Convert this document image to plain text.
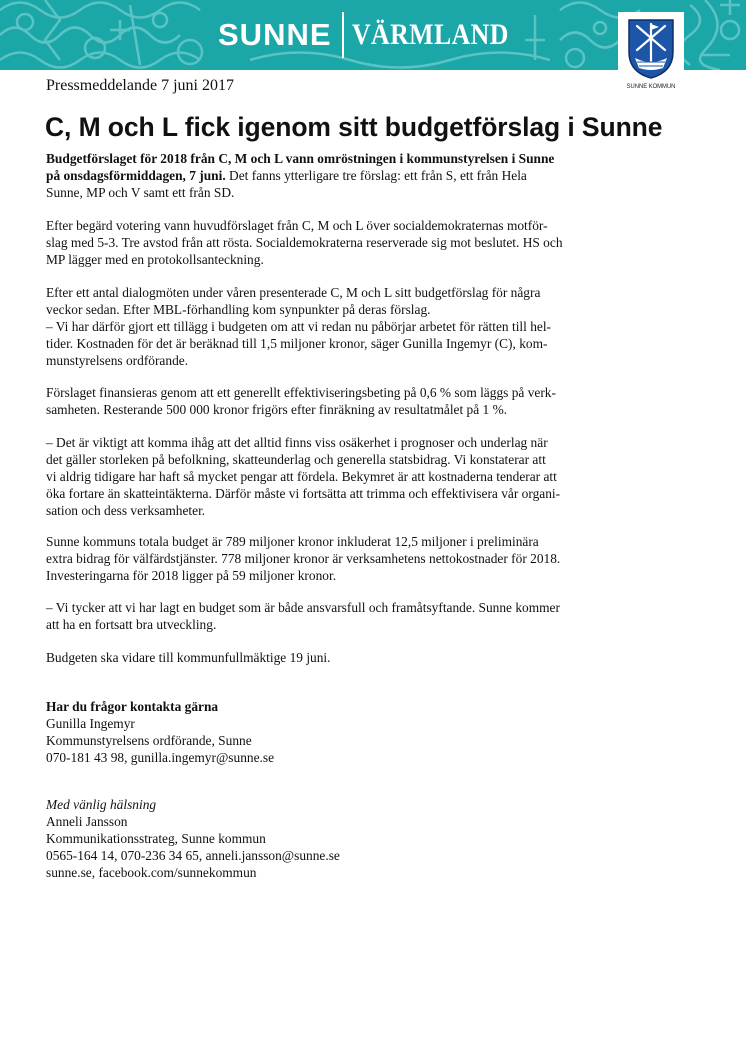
SUNNE VÄRMLAND
SUNNE KOMMUN

Pressmeddelande 7 juni 2017

C, M och L fick igenom sitt budgetförslag i Sunne

Budgetförslaget för 2018 från C, M och L vann omröstningen i kommunstyrelsen i Sunne
på onsdagsförmiddagen, 7 juni. Det fanns ytterligare tre förslag: ett från S, ett från Hela
Sunne, MP och V samt ett från SD.

Efter begärd votering vann huvudförslaget från C, M och L över socialdemokraternas motför-
slag med 5-3. Tre avstod från att rösta. Socialdemokraterna reserverade sig mot beslutet. HS och
MP lägger med en protokollsanteckning.

Efter ett antal dialogmöten under våren presenterade C, M och L sitt budgetförslag för några
veckor sedan. Efter MBL-förhandling kom synpunkter på deras förslag.
– Vi har därför gjort ett tillägg i budgeten om att vi redan nu påbörjar arbetet för rätten till hel-
tider. Kostnaden för det är beräknad till 1,5 miljoner kronor, säger Gunilla Ingemyr (C), kom-
munstyrelsens ordförande.

Förslaget finansieras genom att ett generellt effektiviseringsbeting på 0,6 % som läggs på verk-
samheten. Resterande 500 000 kronor frigörs efter finräkning av resultatmålet på 1 %.

– Det är viktigt att komma ihåg att det alltid finns viss osäkerhet i prognoser och underlag när
det gäller storleken på befolkning, skatteunderlag och generella statsbidrag. Vi konstaterar att
vi aldrig tidigare har haft så mycket pengar att fördela. Bekymret är att kostnaderna tenderar att
öka fortare än skatteintäkterna. Därför måste vi fortsätta att trimma och effektivisera vår organi-
sation och dess verksamheter.

Sunne kommuns totala budget är 789 miljoner kronor inkluderat 12,5 miljoner i preliminära
extra bidrag för välfärdstjänster. 778 miljoner kronor är verksamhetens nettokostnader för 2018.
Investeringarna för 2018 ligger på 59 miljoner kronor.

– Vi tycker att vi har lagt en budget som är både ansvarsfull och framåtsyftande. Sunne kommer
att ha en fortsatt bra utveckling.

Budgeten ska vidare till kommunfullmäktige 19 juni.

Har du frågor kontakta gärna
Gunilla Ingemyr
Kommunstyrelsens ordförande, Sunne
070-181 43 98, gunilla.ingemyr@sunne.se

Med vänlig hälsning
Anneli Jansson
Kommunikationsstrateg, Sunne kommun
0565-164 14, 070-236 34 65, anneli.jansson@sunne.se
sunne.se, facebook.com/sunnekommun
